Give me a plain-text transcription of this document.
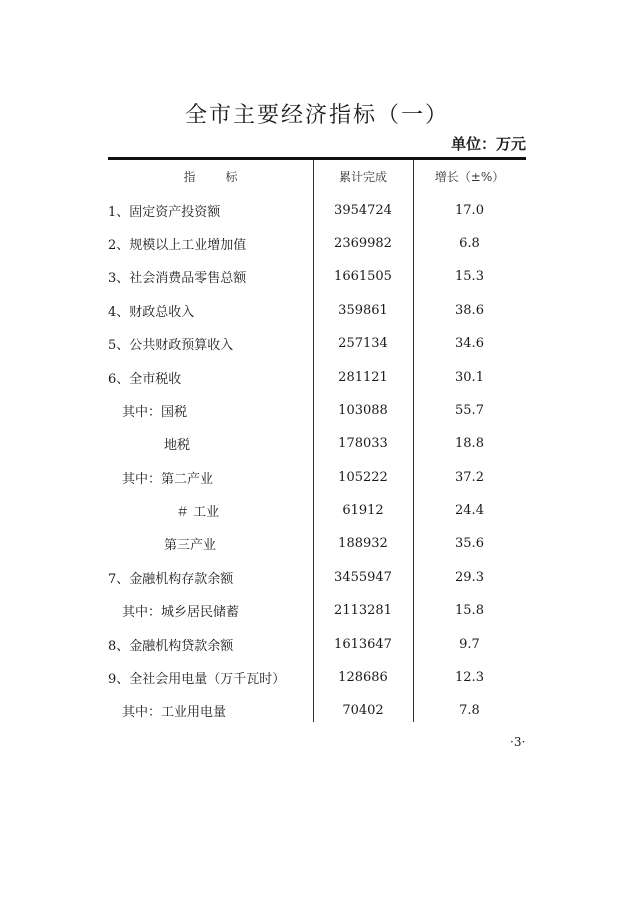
全市主要经济指标（一）
单位：万元
指 标	累计完成	增长（±%）
1、固定资产投资额	3954724	17.0
2、规模以上工业增加值	2369982	6.8
3、社会消费品零售总额	1661505	15.3
4、财政总收入	359861	38.6
5、公共财政预算收入	257134	34.6
6、全市税收	281121	30.1
其中：国税	103088	55.7
地税	178033	18.8
其中：第二产业	105222	37.2
＃ 工业	61912	24.4
第三产业	188932	35.6
7、金融机构存款余额	3455947	29.3
其中：城乡居民储蓄	2113281	15.8
8、金融机构贷款余额	1613647	9.7
9、全社会用电量（万千瓦时）	128686	12.3
其中：工业用电量	70402	7.8
·3·
